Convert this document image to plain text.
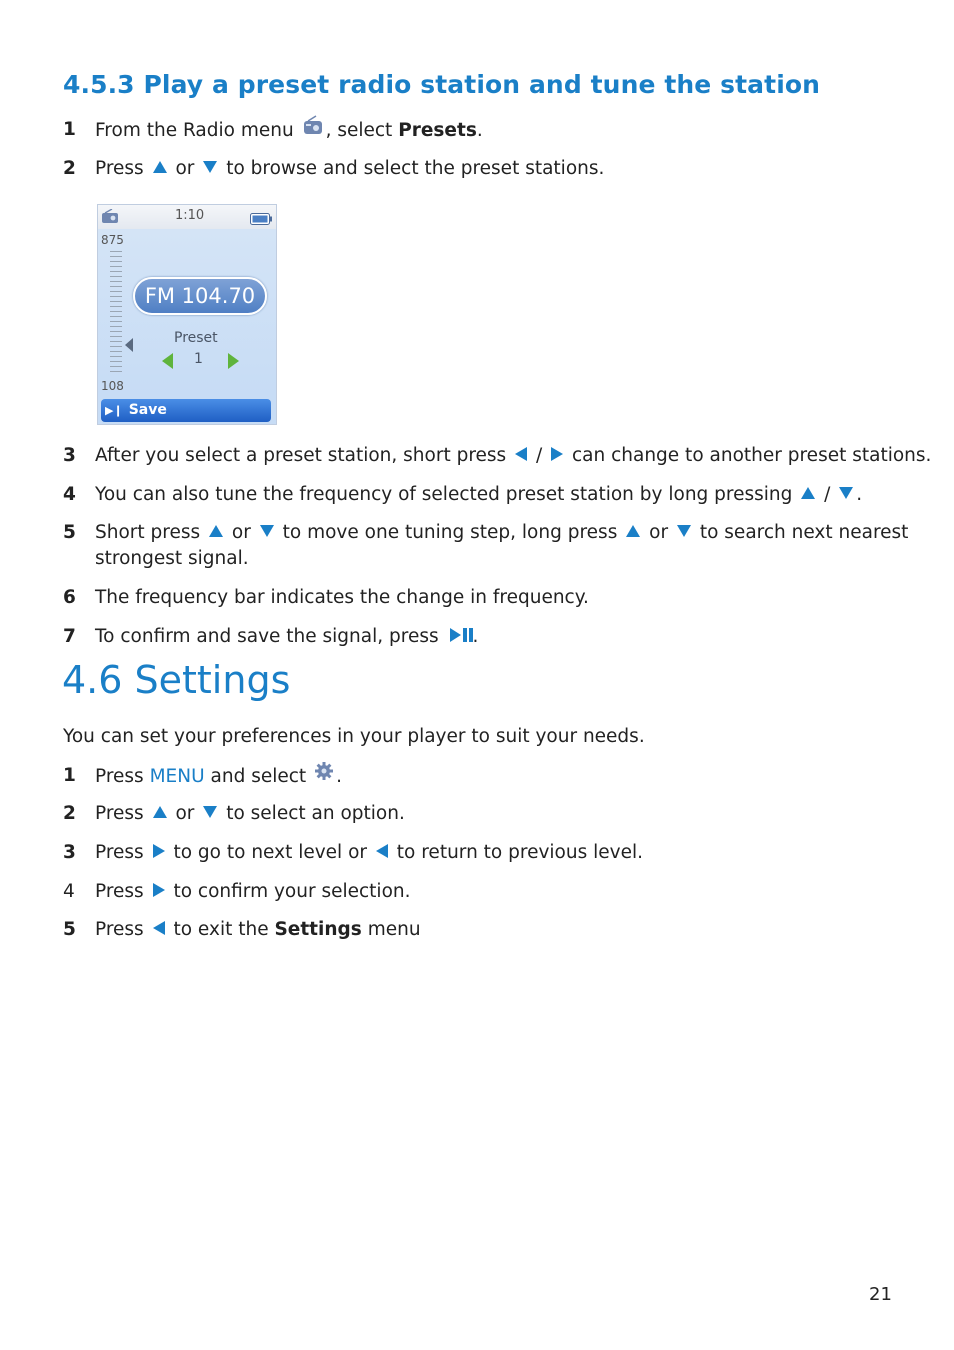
4.5.3 Play a preset radio station and tune the station
1 From the Radio menu , select Presets.
2 Press or to browse and select the preset stations.
1:10
875
108
FM 104.70
Preset
1
▶❙ Save
3 After you select a preset station, short press / can change to another preset stations.
4 You can also tune the frequency of selected preset station by long pressing / .
5 Short press or to move one tuning step, long press or to search next nearest
strongest signal.
6 The frequency bar indicates the change in frequency.
7 To confirm and save the signal, press .
4.6 Settings
You can set your preferences in your player to suit your needs.
1 Press MENU and select .
2 Press or to select an option.
3 Press to go to next level or to return to previous level.
4 Press to confirm your selection.
5 Press to exit the Settings menu
21
